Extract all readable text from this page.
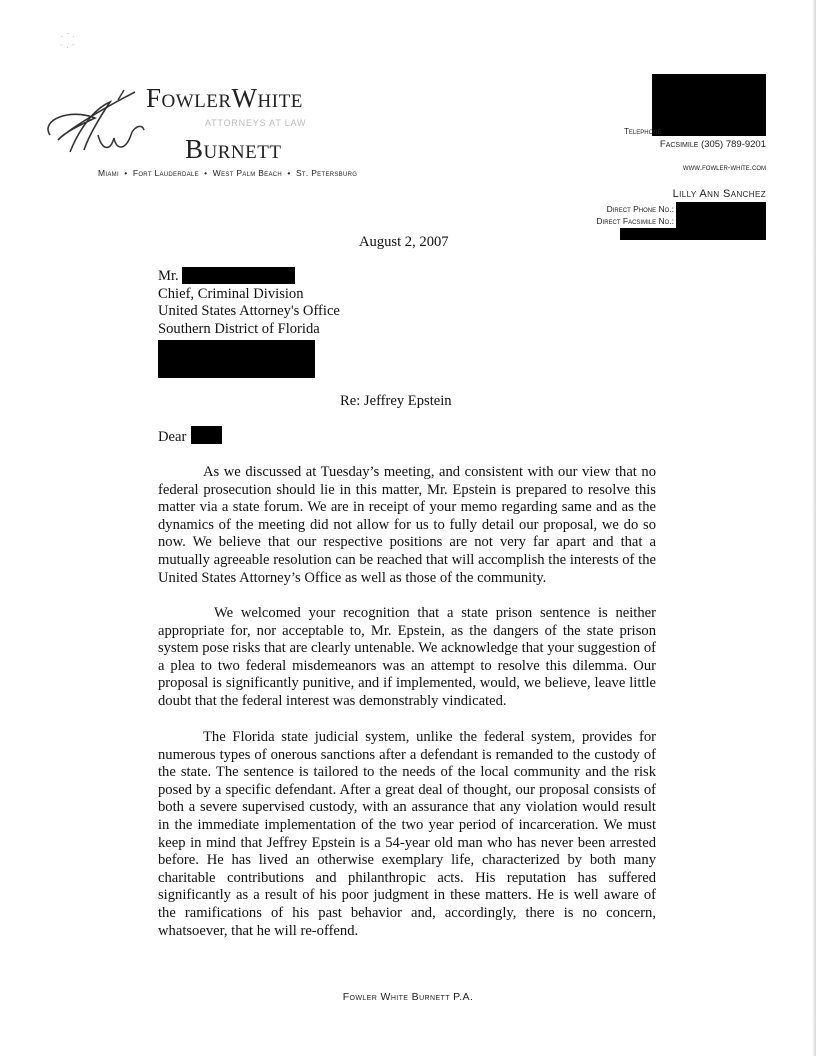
· ˜ ·
¨ · ˉ
FowlerWhite
ATTORNEYS AT LAW
Burnett
Miami  •  Fort Lauderdale  •  West Palm Beach  •  St. Petersburg
Telephone
Facsimile (305) 789-9201
www.fowler-white.com
Lilly Ann Sanchez
Direct Phone No.:
Direct Facsimile No.:
August 2, 2007
Mr.
Chief, Criminal Division
United States Attorney's Office
Southern District of Florida
Re: Jeffrey Epstein
Dear
As we discussed at Tuesday’s meeting, and consistent with our view that no federal prosecution should lie in this matter, Mr. Epstein is prepared to resolve this matter via a state forum. We are in receipt of your memo regarding same and as the dynamics of the meeting did not allow for us to fully detail our proposal, we do so now. We believe that our respective positions are not very far apart and that a mutually agreeable resolution can be reached that will accomplish the interests of the United States Attorney’s Office as well as those of the community.
We welcomed your recognition that a state prison sentence is neither appropriate for, nor acceptable to, Mr. Epstein, as the dangers of the state prison system pose risks that are clearly untenable. We acknowledge that your suggestion of a plea to two federal misdemeanors was an attempt to resolve this dilemma. Our proposal is significantly punitive, and if implemented, would, we believe, leave little doubt that the federal interest was demonstrably vindicated.
The Florida state judicial system, unlike the federal system, provides for numerous types of onerous sanctions after a defendant is remanded to the custody of the state. The sentence is tailored to the needs of the local community and the risk posed by a specific defendant. After a great deal of thought, our proposal consists of both a severe supervised custody, with an assurance that any violation would result in the immediate implementation of the two year period of incarceration. We must keep in mind that Jeffrey Epstein is a 54-year old man who has never been arrested before. He has lived an otherwise exemplary life, characterized by both many charitable contributions and philanthropic acts. His reputation has suffered significantly as a result of his poor judgment in these matters. He is well aware of the ramifications of his past behavior and, accordingly, there is no concern, whatsoever, that he will re-offend.
Fowler White Burnett P.A.
